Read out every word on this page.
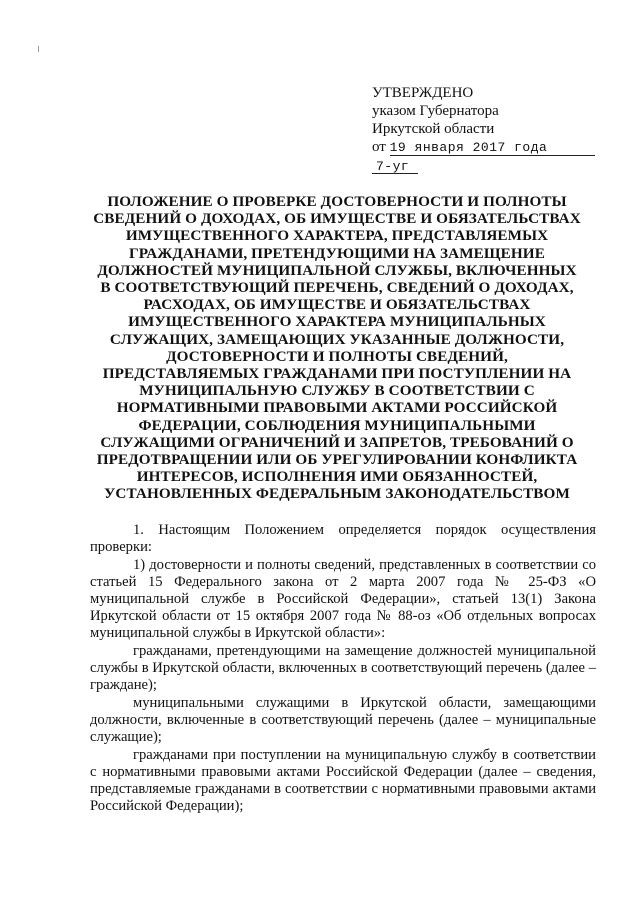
УТВЕРЖДЕНО
указом Губернатора
Иркутской области
от 19 января 2017 года
7-уг
ПОЛОЖЕНИЕ О ПРОВЕРКЕ ДОСТОВЕРНОСТИ И ПОЛНОТЫ СВЕДЕНИЙ О ДОХОДАХ, ОБ ИМУЩЕСТВЕ И ОБЯЗАТЕЛЬСТВАХ ИМУЩЕСТВЕННОГО ХАРАКТЕРА, ПРЕДСТАВЛЯЕМЫХ ГРАЖДАНАМИ, ПРЕТЕНДУЮЩИМИ НА ЗАМЕЩЕНИЕ ДОЛЖНОСТЕЙ МУНИЦИПАЛЬНОЙ СЛУЖБЫ, ВКЛЮЧЕННЫХ В СООТВЕТСТВУЮЩИЙ ПЕРЕЧЕНЬ, СВЕДЕНИЙ О ДОХОДАХ, РАСХОДАХ, ОБ ИМУЩЕСТВЕ И ОБЯЗАТЕЛЬСТВАХ ИМУЩЕСТВЕННОГО ХАРАКТЕРА МУНИЦИПАЛЬНЫХ СЛУЖАЩИХ, ЗАМЕЩАЮЩИХ УКАЗАННЫЕ ДОЛЖНОСТИ, ДОСТОВЕРНОСТИ И ПОЛНОТЫ СВЕДЕНИЙ, ПРЕДСТАВЛЯЕМЫХ ГРАЖДАНАМИ ПРИ ПОСТУПЛЕНИИ НА МУНИЦИПАЛЬНУЮ СЛУЖБУ В СООТВЕТСТВИИ С НОРМАТИВНЫМИ ПРАВОВЫМИ АКТАМИ РОССИЙСКОЙ ФЕДЕРАЦИИ, СОБЛЮДЕНИЯ МУНИЦИПАЛЬНЫМИ СЛУЖАЩИМИ ОГРАНИЧЕНИЙ И ЗАПРЕТОВ, ТРЕБОВАНИЙ О ПРЕДОТВРАЩЕНИИ ИЛИ ОБ УРЕГУЛИРОВАНИИ КОНФЛИКТА ИНТЕРЕСОВ, ИСПОЛНЕНИЯ ИМИ ОБЯЗАННОСТЕЙ, УСТАНОВЛЕННЫХ ФЕДЕРАЛЬНЫМ ЗАКОНОДАТЕЛЬСТВОМ

1. Настоящим Положением определяется порядок осуществления проверки:

1) достоверности и полноты сведений, представленных в соответствии со статьей 15 Федерального закона от 2 марта 2007 года № 25-ФЗ «О муниципальной службе в Российской Федерации», статьей 13(1) Закона Иркутской области от 15 октября 2007 года № 88-оз «Об отдельных вопросах муниципальной службы в Иркутской области»:

гражданами, претендующими на замещение должностей муниципальной службы в Иркутской области, включенных в соответствующий перечень (далее – граждане);

муниципальными служащими в Иркутской области, замещающими должности, включенные в соответствующий перечень (далее – муниципальные служащие);

гражданами при поступлении на муниципальную службу в соответствии с нормативными правовыми актами Российской Федерации (далее – сведения, представляемые гражданами в соответствии с нормативными правовыми актами Российской Федерации);
